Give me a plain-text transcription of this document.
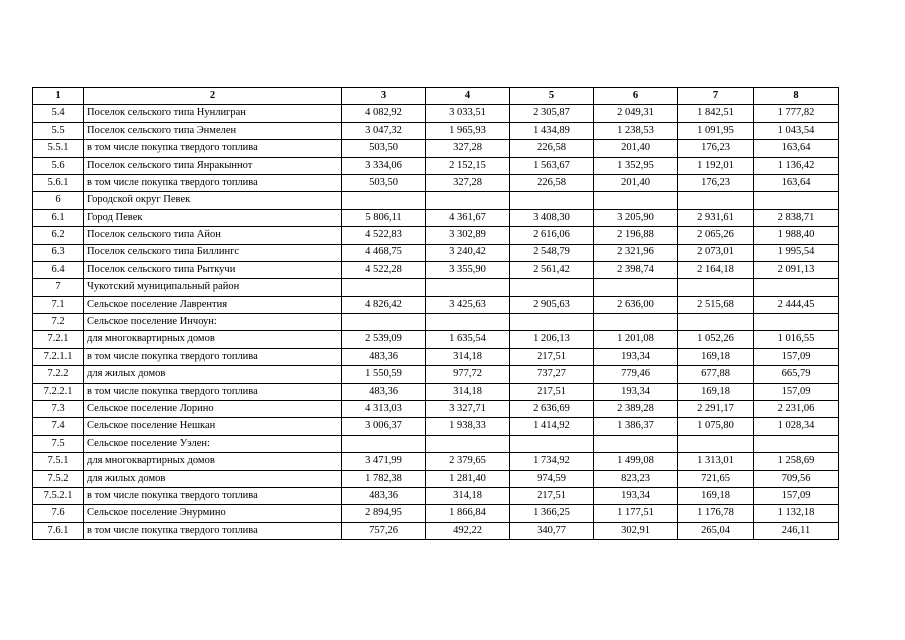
1	2	3	4	5	6	7	8
5.4	Поселок сельского типа Нунлигран	4 082,92	3 033,51	2 305,87	2 049,31	1 842,51	1 777,82
5.5	Поселок сельского типа Энмелен	3 047,32	1 965,93	1 434,89	1 238,53	1 091,95	1 043,54
5.5.1	в том числе покупка твердого топлива	503,50	327,28	226,58	201,40	176,23	163,64
5.6	Поселок сельского типа Янракыннот	3 334,06	2 152,15	1 563,67	1 352,95	1 192,01	1 136,42
5.6.1	в том числе покупка твердого топлива	503,50	327,28	226,58	201,40	176,23	163,64
6	Городской округ Певек						
6.1	Город Певек	5 806,11	4 361,67	3 408,30	3 205,90	2 931,61	2 838,71
6.2	Поселок сельского типа Айон	4 522,83	3 302,89	2 616,06	2 196,88	2 065,26	1 988,40
6.3	Поселок сельского типа Биллингс	4 468,75	3 240,42	2 548,79	2 321,96	2 073,01	1 995,54
6.4	Поселок сельского типа Рыткучи	4 522,28	3 355,90	2 561,42	2 398,74	2 164,18	2 091,13
7	Чукотский муниципальный район						
7.1	Сельское поселение Лаврентия	4 826,42	3 425,63	2 905,63	2 636,00	2 515,68	2 444,45
7.2	Сельское поселение Инчоун:						
7.2.1	для многоквартирных домов	2 539,09	1 635,54	1 206,13	1 201,08	1 052,26	1 016,55
7.2.1.1	в том числе покупка твердого топлива	483,36	314,18	217,51	193,34	169,18	157,09
7.2.2	для жилых домов	1 550,59	977,72	737,27	779,46	677,88	665,79
7.2.2.1	в том числе покупка твердого топлива	483,36	314,18	217,51	193,34	169,18	157,09
7.3	Сельское поселение Лорино	4 313,03	3 327,71	2 636,69	2 389,28	2 291,17	2 231,06
7.4	Сельское поселение Нешкан	3 006,37	1 938,33	1 414,92	1 386,37	1 075,80	1 028,34
7.5	Сельское поселение Уэлен:						
7.5.1	для многоквартирных домов	3 471,99	2 379,65	1 734,92	1 499,08	1 313,01	1 258,69
7.5.2	для жилых домов	1 782,38	1 281,40	974,59	823,23	721,65	709,56
7.5.2.1	в том числе покупка твердого топлива	483,36	314,18	217,51	193,34	169,18	157,09
7.6	Сельское поселение Энурмино	2 894,95	1 866,84	1 366,25	1 177,51	1 176,78	1 132,18
7.6.1	в том числе покупка твердого топлива	757,26	492,22	340,77	302,91	265,04	246,11
